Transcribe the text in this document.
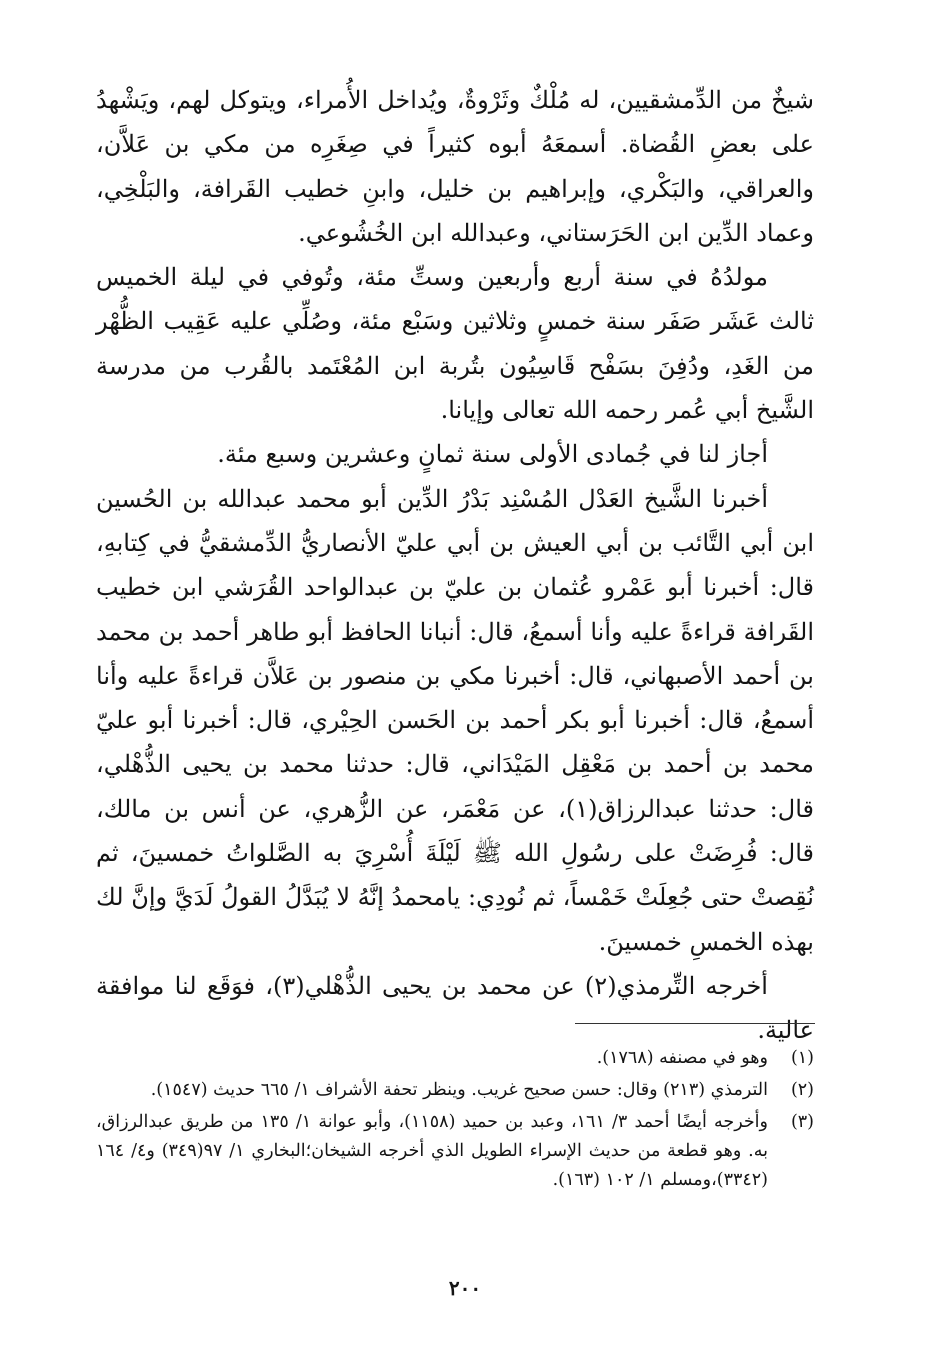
شيخٌ من الدِّمشقيين، له مُلْكٌ وثَرْوةٌ، ويُداخل الأُمراء، ويتوكل لهم، ويَشْهدُ على بعضِ القُضاة. أسمعَهُ أبوه كثيراً في صِغَرِه من مكي بن عَلاَّن، والعراقي، والبَكْري، وإبراهيم بن خليل، وابنِ خطيب القَرافة، والبَلْخِي، وعماد الدِّين ابن الحَرَستاني، وعبدالله ابن الخُشُوعي.

مولدُهُ في سنة أربع وأربعين وستِّ مئة، وتُوفي في ليلة الخميس ثالث عَشَر صَفَر سنة خمسٍ وثلاثين وسَبْع مئة، وصُلِّي عليه عَقِيب الظُّهْر من الغَدِ، ودُفِنَ بسَفْح قَاسِيُون بتُربة ابن المُعْتَمد بالقُرب من مدرسة الشَّيخ أبي عُمر رحمه الله تعالى وإيانا.

أجاز لنا في جُمادى الأولى سنة ثمانٍ وعشرين وسبع مئة.

أخبرنا الشَّيخ العَدْل المُسْنِد بَدْرُ الدِّين أبو محمد عبدالله بن الحُسين ابن أبي التَّائب بن أبي العيش بن أبي عليّ الأنصاريُّ الدِّمشقيُّ في كِتابهِ، قال: أخبرنا أبو عَمْرو عُثمان بن عليّ بن عبدالواحد القُرَشي ابن خطيب القَرافة قراءةً عليه وأنا أسمعُ، قال: أنبانا الحافظ أبو طاهر أحمد بن محمد بن أحمد الأصبهاني، قال: أخبرنا مكي بن منصور بن عَلاَّن قراءةً عليه وأنا أسمعُ، قال: أخبرنا أبو بكر أحمد بن الحَسن الحِيْري، قال: أخبرنا أبو عليّ محمد بن أحمد بن مَعْقِل المَيْدَاني، قال: حدثنا محمد بن يحيى الذُّهْلي، قال: حدثنا عبدالرزاق(١)، عن مَعْمَر، عن الزُّهري، عن أنس بن مالك، قال: فُرِضَتْ على رسُولِ الله ﷺ لَيْلَةَ أُسْرِيَ به الصَّلواتُ خمسينَ، ثم نُقِصتْ حتى جُعِلَتْ خَمْساً، ثم نُودِي: يامحمدُ إنَّهُ لا يُبَدَّلُ القولُ لَدَيَّ وإنَّ لك بهذه الخمسِ خمسينَ.

أخرجه التِّرمذي(٢) عن محمد بن يحيى الذُّهْلي(٣)، فوَقَع لنا موافقة عالية.

(١)
وهو في مصنفه (١٧٦٨).
(٢)
الترمذي (٢١٣) وقال: حسن صحيح غريب. وينظر تحفة الأشراف ١/ ٦٦٥ حديث (١٥٤٧).
(٣)
وأخرجه أيضًا أحمد ٣/ ١٦١، وعبد بن حميد (١١٥٨)، وأبو عوانة ١/ ١٣٥ من طريق عبدالرزاق، به. وهو قطعة من حديث الإسراء الطويل الذي أخرجه الشيخان؛البخاري ١/ ٩٧(٣٤٩) و٤/ ١٦٤ (٣٣٤٢)،ومسلم ١/ ١٠٢ (١٦٣).
٢٠٠
